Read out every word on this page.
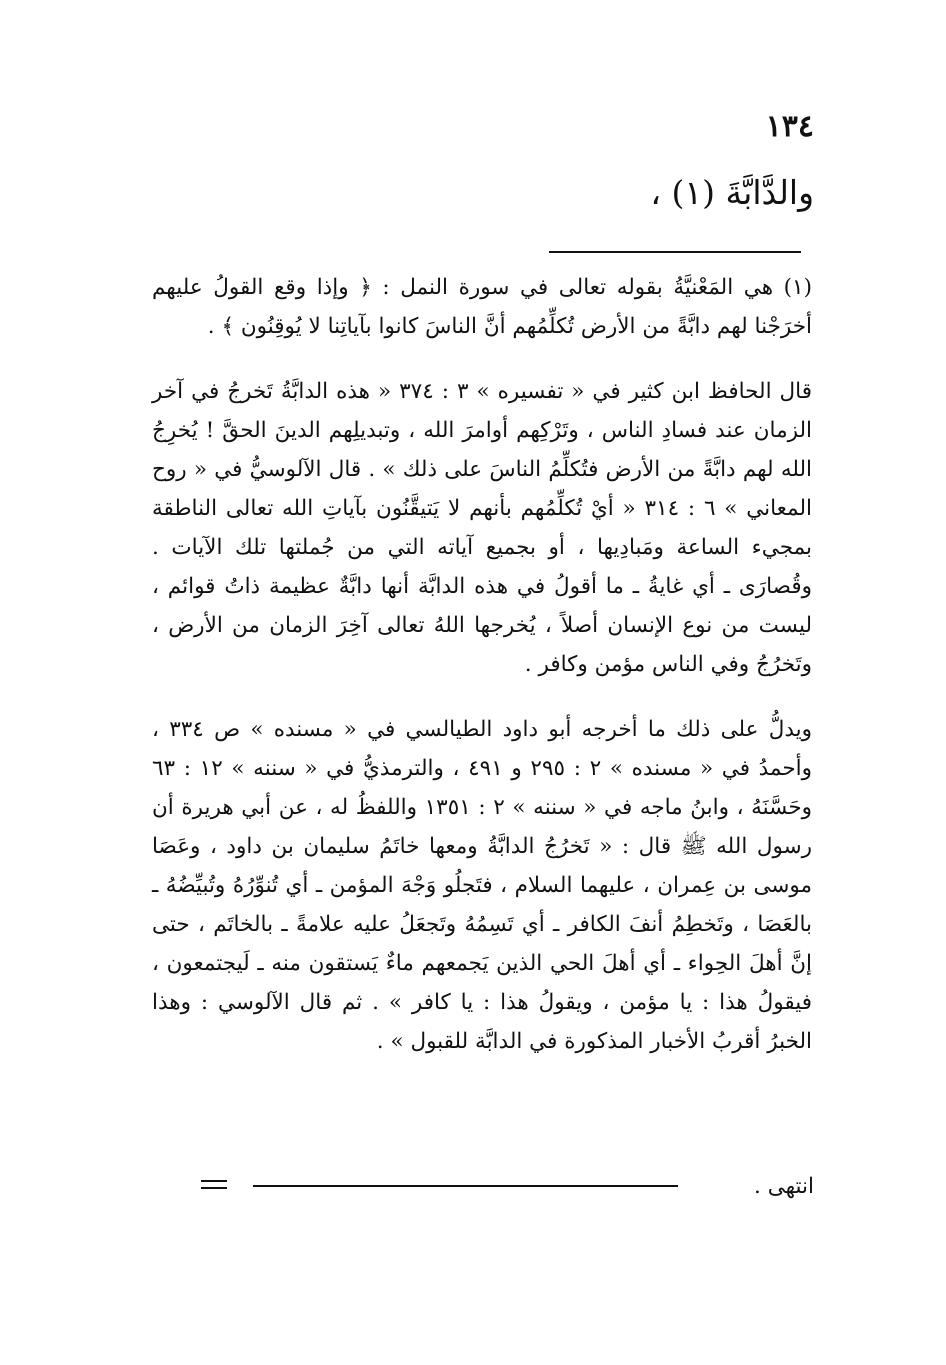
١٣٤
والدَّابَّةَ (١) ،

(١) هي المَعْنيَّةُ بقوله تعالى في سورة النمل : ﴿ وإذا وقع القولُ عليهم أخرَجْنا لهم دابَّةً من الأرض تُكلِّمُهم أنَّ الناسَ كانوا بآياتِنا لا يُوقِنُون ﴾ .

قال الحافظ ابن كثير في « تفسيره » ٣ : ٣٧٤ « هذه الدابَّةُ تَخرجُ في آخر الزمان عند فسادِ الناس ، وتَرْكِهم أوامرَ الله ، وتبديلِهم الدينَ الحقَّ ! يُخرِجُ الله لهم دابَّةً من الأرض فتُكلِّمُ الناسَ على ذلك » . قال الآلوسيُّ في « روح المعاني » ٦ : ٣١٤ « أيْ تُكلِّمُهم بأنهم لا يَتيقَّنُون بآياتِ الله تعالى الناطقة بمجيء الساعة ومَبادِيها ، أو بجميع آياته التي من جُملتها تلك الآيات . وقُصارَى ـ أي غايةُ ـ ما أقولُ في هذه الدابَّة أنها دابَّةٌ عظيمة ذاتُ قوائم ، ليست من نوع الإنسان أصلاً ، يُخرجها اللهُ تعالى آخِرَ الزمان من الأرض ، وتَخرُجُ وفي الناس مؤمن وكافر .

ويدلُّ على ذلك ما أخرجه أبو داود الطيالسي في « مسنده » ص ٣٣٤ ، وأحمدُ في « مسنده » ٢ : ٢٩٥ و ٤٩١ ، والترمذيُّ في « سننه » ١٢ : ٦٣ وحَسَّنَهُ ، وابنُ ماجه في « سننه » ٢ : ١٣٥١ واللفظُ له ، عن أبي هريرة أن رسول الله ﷺ قال : « تَخرُجُ الدابَّةُ ومعها خاتَمُ سليمان بن داود ، وعَصَا موسى بن عِمران ، عليهما السلام ، فتَجلُو وَجْهَ المؤمن ـ أي تُنوِّرُهُ وتُبيِّضُهُ ـ بالعَصَا ، وتَخطِمُ أنفَ الكافر ـ أي تَسِمُهُ وتَجعَلُ عليه علامةً ـ بالخاتَم ، حتى إنَّ أهلَ الحِواء ـ أي أهلَ الحي الذين يَجمعهم ماءٌ يَستقون منه ـ لَيجتمعون ، فيقولُ هذا : يا مؤمن ، ويقولُ هذا : يا كافر » . ثم قال الآلوسي : وهذا الخبرُ أقربُ الأخبار المذكورة في الدابَّة للقبول » .

انتهى .
